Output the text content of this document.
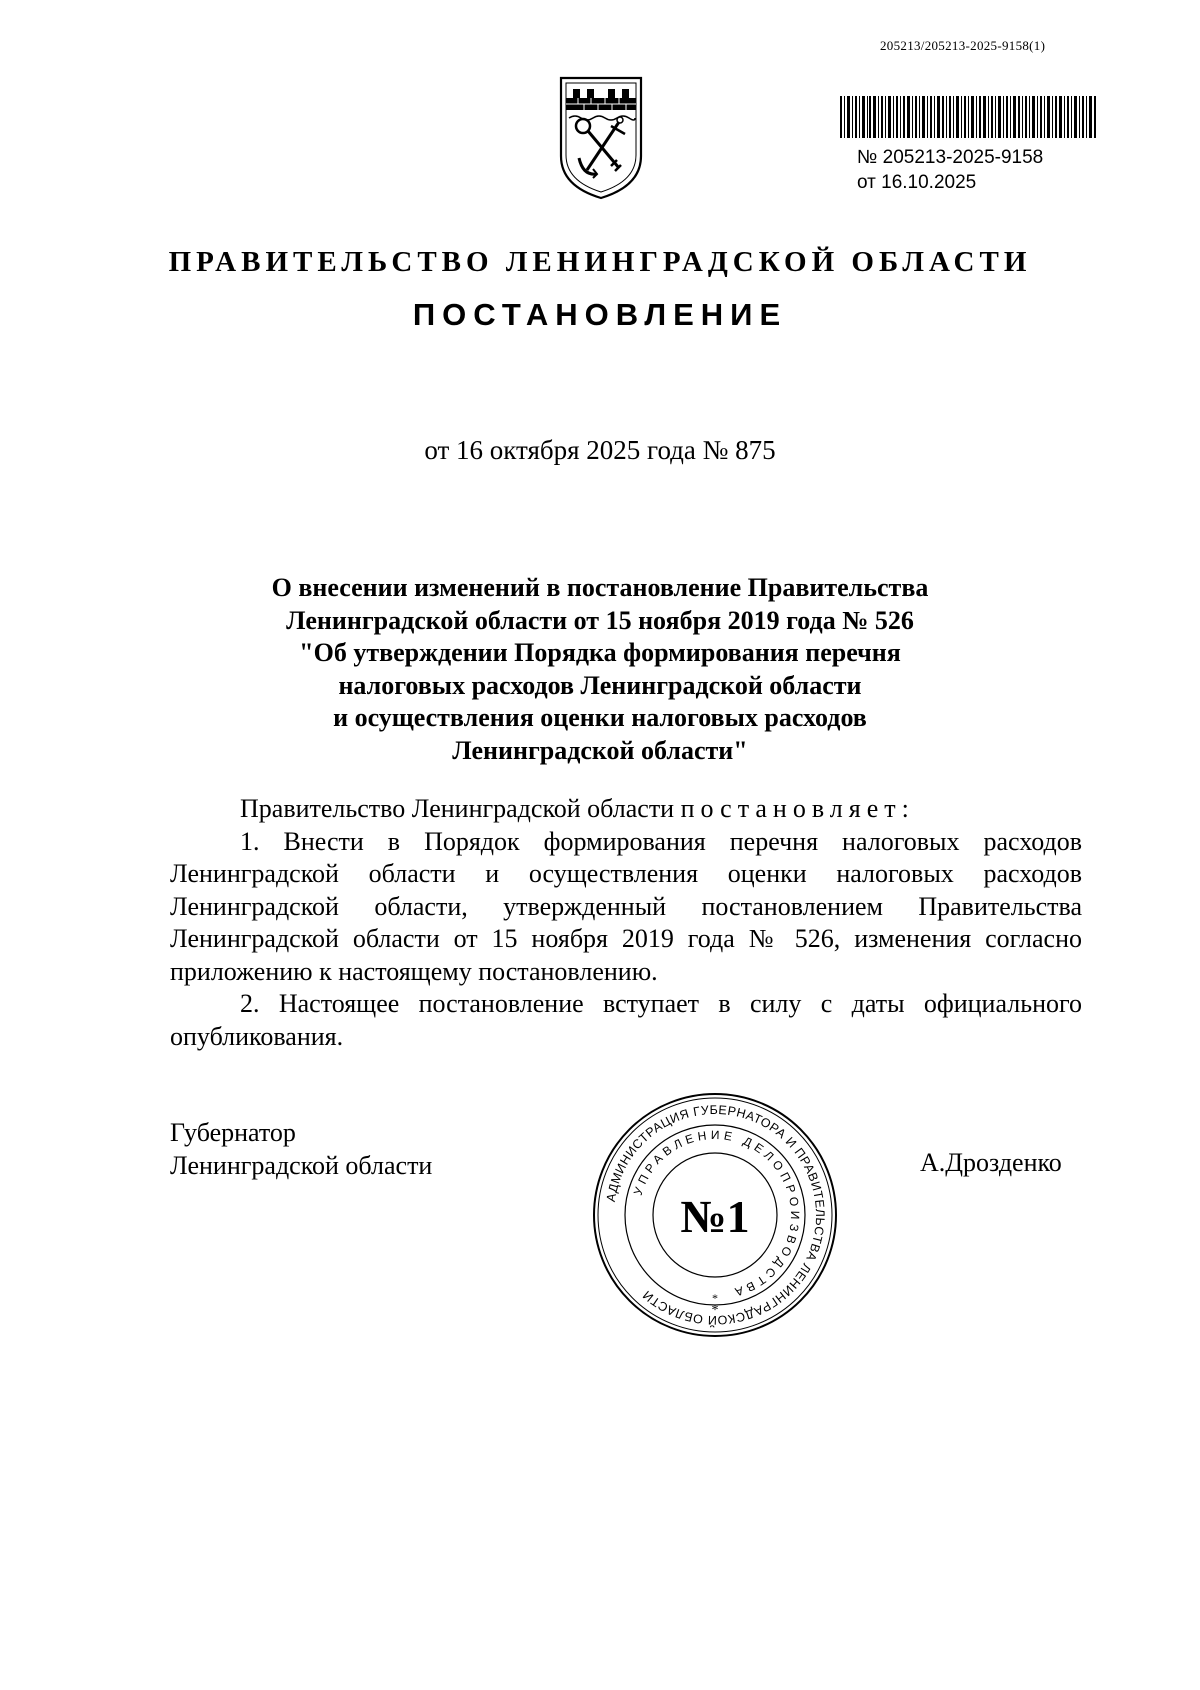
205213/205213-2025-9158(1)
№ 205213-2025-9158
от 16.10.2025
ПРАВИТЕЛЬСТВО ЛЕНИНГРАДСКОЙ ОБЛАСТИ
ПОСТАНОВЛЕНИЕ
от 16 октября 2025 года № 875
О внесении изменений в постановление Правительства
Ленинградской области от 15 ноября 2019 года № 526
"Об утверждении Порядка формирования перечня
налоговых расходов Ленинградской области
и осуществления оценки налоговых расходов
Ленинградской области"

Правительство Ленинградской области постановляет:

1. Внести в Порядок формирования перечня налоговых расходов Ленинградской области и осуществления оценки налоговых расходов Ленинградской области, утвержденный постановлением Правительства Ленинградской области от 15 ноября 2019 года № 526, изменения согласно приложению к настоящему постановлению.

2. Настоящее постановление вступает в силу с даты официального опубликования.

Губернатор
Ленинградской области	А.Дрозденко
АДМИНИСТРАЦИЯ ГУБЕРНАТОРА И ПРАВИТЕЛЬСТВА ЛЕНИНГРАДСКОЙ ОБЛАСТИ
УПРАВЛЕНИЕ ДЕЛОПРОИЗВОДСТВА
*
*
№1
